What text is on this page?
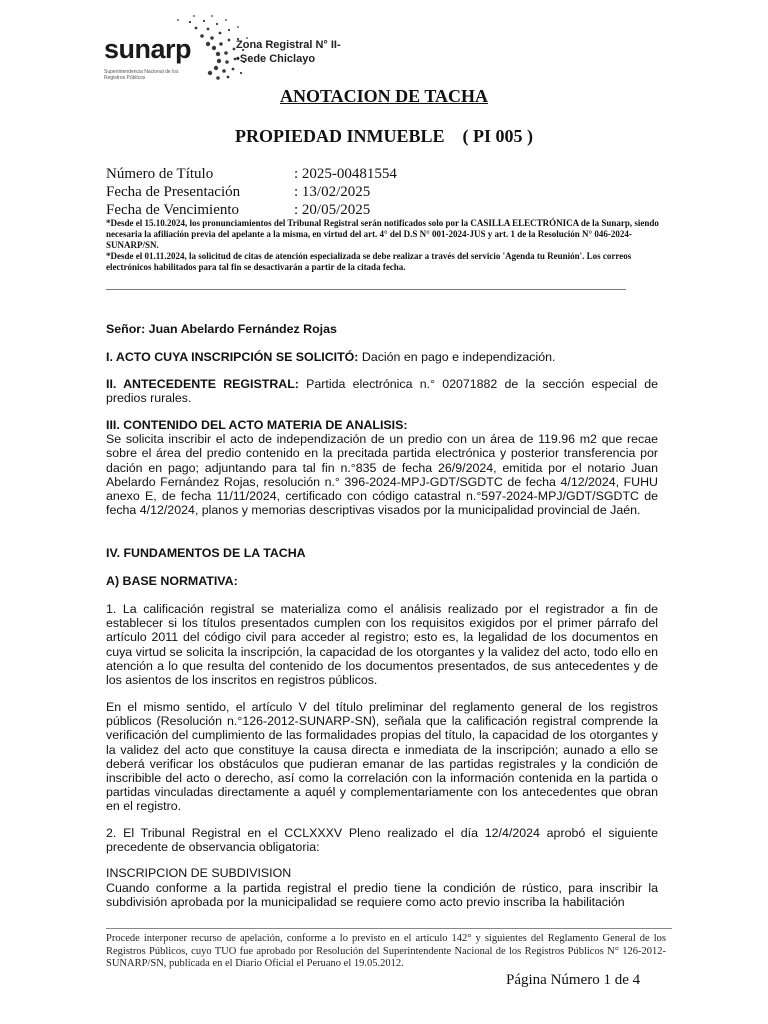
sunarp
Superintendencia Nacional de los Registros Públicos
Zona Registral N° II-
•Sede Chiclayo
ANOTACION DE TACHA
PROPIEDAD INMUEBLE    ( PI 005 )
Número de Título	: 2025-00481554
Fecha de Presentación	: 13/02/2025
Fecha de Vencimiento	: 20/05/2025

*Desde el 15.10.2024, los pronunciamientos del Tribunal Registral serán notificados solo por la CASILLA ELECTRÓNICA de la Sunarp, siendo necesaria la afiliación previa del apelante a la misma, en virtud del art. 4° del D.S N° 001-2024-JUS y art. 1 de la Resolución N° 046-2024-SUNARP/SN.

*Desde el 01.11.2024, la solicitud de citas de atención especializada se debe realizar a través del servicio 'Agenda tu Reunión'. Los correos electrónicos habilitados para tal fin se desactivarán a partir de la citada fecha.

Señor: Juan Abelardo Fernández Rojas
I. ACTO CUYA INSCRIPCIÓN SE SOLICITÓ: Dación en pago e independización.
II. ANTECEDENTE REGISTRAL: Partida electrónica n.° 02071882 de la sección especial de predios rurales.
III. CONTENIDO DEL ACTO MATERIA DE ANALISIS:
Se solicita inscribir el acto de independización de un predio con un área de 119.96 m2 que recae sobre el área del predio contenido en la precitada partida electrónica y posterior transferencia por dación en pago; adjuntando para tal fin n.°835 de fecha 26/9/2024, emitida por el notario Juan Abelardo Fernández Rojas, resolución n.° 396-2024-MPJ-GDT/SGDTC de fecha 4/12/2024, FUHU anexo E, de fecha 11/11/2024, certificado con código catastral n.°597-2024-MPJ/GDT/SGDTC de fecha 4/12/2024, planos y memorias descriptivas visados por la municipalidad provincial de Jaén.
IV. FUNDAMENTOS DE LA TACHA
A) BASE NORMATIVA:
1. La calificación registral se materializa como el análisis realizado por el registrador a fin de establecer si los títulos presentados cumplen con los requisitos exigidos por el primer párrafo del artículo 2011 del código civil para acceder al registro; esto es, la legalidad de los documentos en cuya virtud se solicita la inscripción, la capacidad de los otorgantes y la validez del acto, todo ello en atención a lo que resulta del contenido de los documentos presentados, de sus antecedentes y de los asientos de los inscritos en registros públicos.
En el mismo sentido, el artículo V del título preliminar del reglamento general de los registros públicos (Resolución n.°126-2012-SUNARP-SN), señala que la calificación registral comprende la verificación del cumplimiento de las formalidades propias del título, la capacidad de los otorgantes y la validez del acto que constituye la causa directa e inmediata de la inscripción; aunado a ello se deberá verificar los obstáculos que pudieran emanar de las partidas registrales y la condición de inscribible del acto o derecho, así como la correlación con la información contenida en la partida o partidas vinculadas directamente a aquél y complementariamente con los antecedentes que obran en el registro.
2. El Tribunal Registral en el CCLXXXV Pleno realizado el día 12/4/2024 aprobó el siguiente precedente de observancia obligatoria:
INSCRIPCION DE SUBDIVISION
Cuando conforme a la partida registral el predio tiene la condición de rústico, para inscribir la subdivisión aprobada por la municipalidad se requiere como acto previo inscriba la habilitación
Procede interponer recurso de apelación, conforme a lo previsto en el artículo 142° y siguientes del Reglamento General de los Registros Públicos, cuyo TUO fue aprobado por Resolución del Superintendente Nacional de los Registros Públicos N° 126-2012-SUNARP/SN, publicada en el Diario Oficial el Peruano el 19.05.2012.
Página Número 1 de 4
